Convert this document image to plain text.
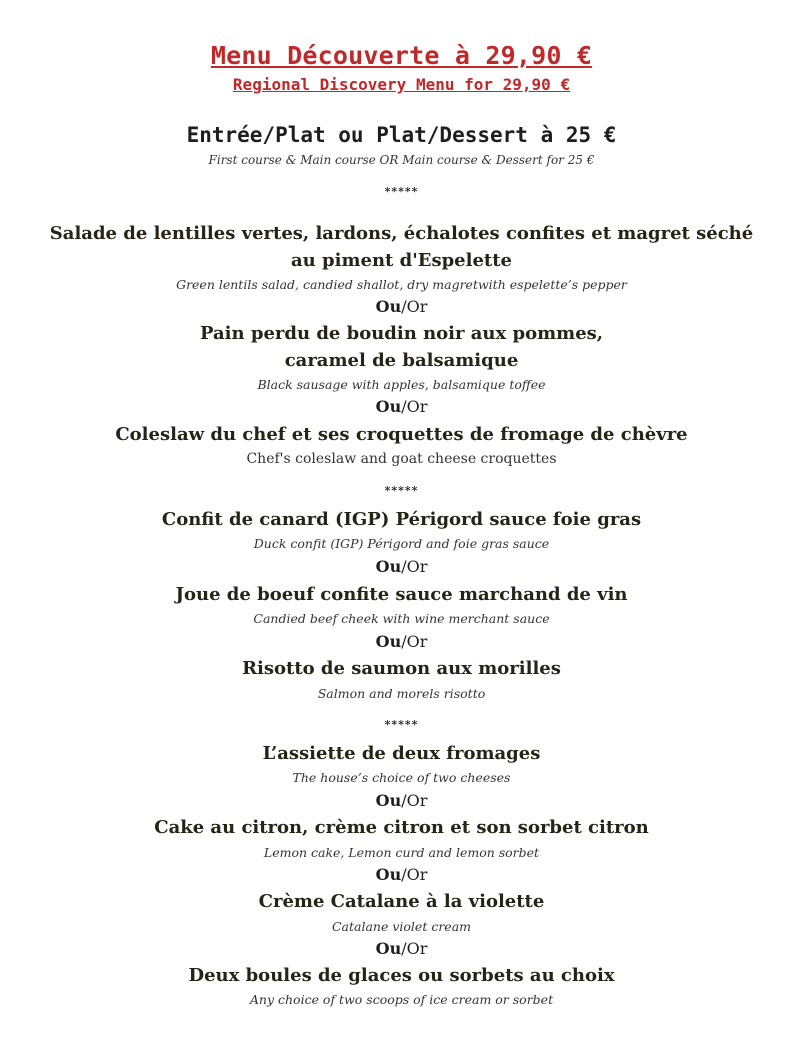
Menu Découverte à 29,90 €
Regional Discovery Menu for 29,90 €
Entrée/Plat ou Plat/Dessert à 25 €
First course & Main course OR Main course & Dessert for 25 €
*****
Salade de lentilles vertes, lardons, échalotes confites et magret séché
au piment d'Espelette
Green lentils salad, candied shallot, dry magretwith espelette’s pepper
Ou/Or
Pain perdu de boudin noir aux pommes,
caramel de balsamique
Black sausage with apples, balsamique toffee
Ou/Or
Coleslaw du chef et ses croquettes de fromage de chèvre
Chef's coleslaw and goat cheese croquettes
*****
Confit de canard (IGP) Périgord sauce foie gras
Duck confit (IGP) Périgord and foie gras sauce
Ou/Or
Joue de boeuf confite sauce marchand de vin
Candied beef cheek with wine merchant sauce
Ou/Or
Risotto de saumon aux morilles
Salmon and morels risotto
*****
L’assiette de deux fromages
The house’s choice of two cheeses
Ou/Or
Cake au citron, crème citron et son sorbet citron
Lemon cake, Lemon curd and lemon sorbet
Ou/Or
Crème Catalane à la violette
Catalane violet cream
Ou/Or
Deux boules de glaces ou sorbets au choix
Any choice of two scoops of ice cream or sorbet
